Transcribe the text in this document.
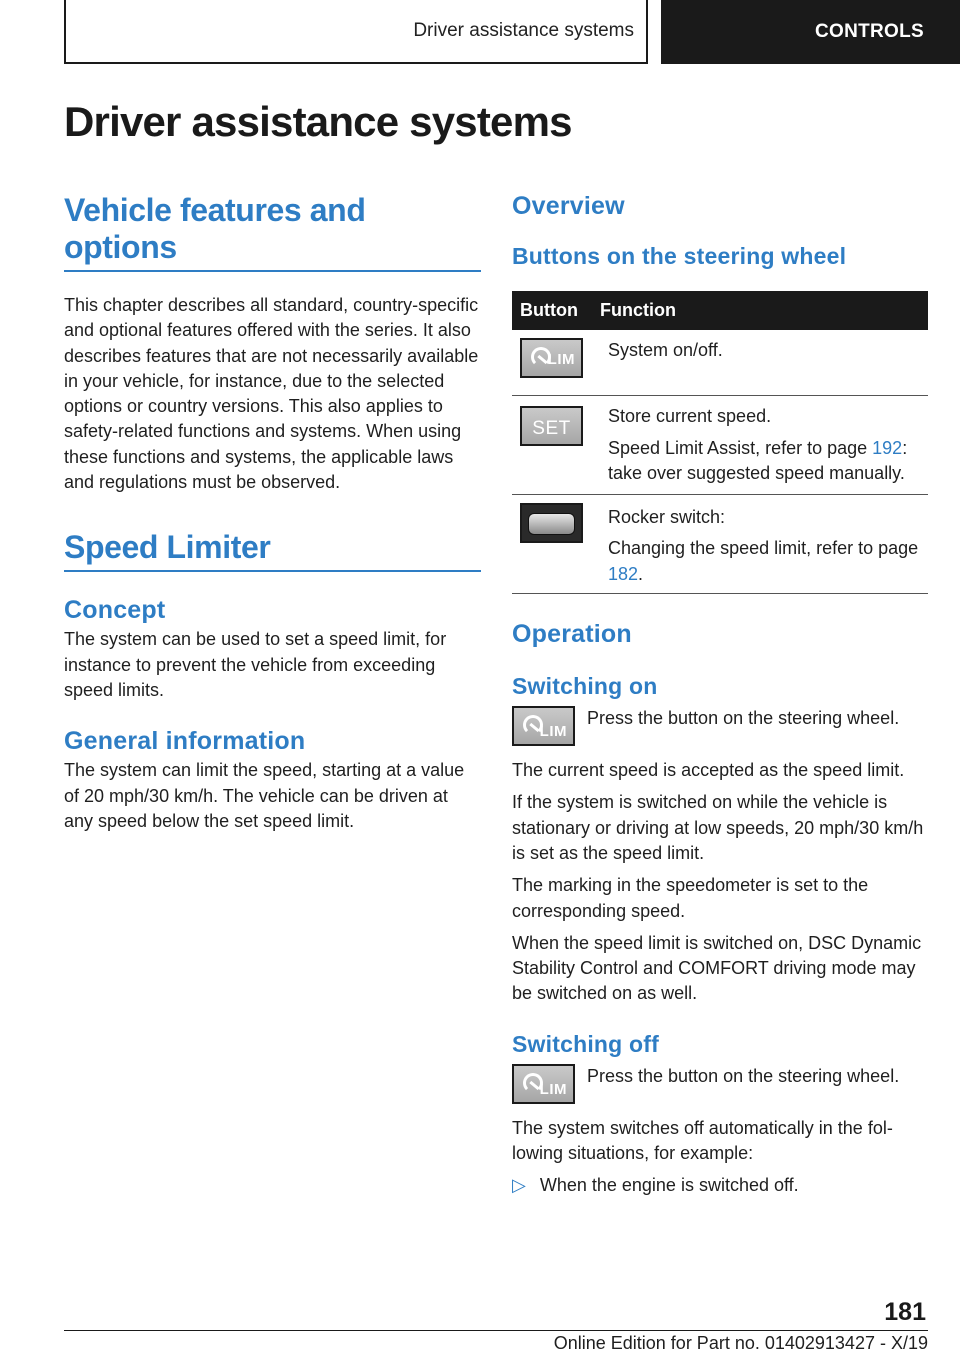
Driver assistance systems	CONTROLS
Driver assistance systems
Vehicle features and options

This chapter describes all standard, country-specific and optional features offered with the series. It also describes features that are not necessarily available in your vehicle, for instance, due to the selected options or country versions. This also applies to safety-related functions and systems. When using these functions and systems, the applicable laws and regulations must be observed.

Speed Limiter
Concept

The system can be used to set a speed limit, for instance to prevent the vehicle from exceeding speed limits.

General information

The system can limit the speed, starting at a value of 20 mph/30 km/h. The vehicle can be driven at any speed below the set speed limit.

Overview
Buttons on the steering wheel
Button	Function

LIM	System on/off.

SET	Store current speed.
Speed Limit Assist, refer to page 192: take over suggested speed manually.

	Rocker switch:
Changing the speed limit, refer to page 182.
Operation
Switching on
LIM
Press the button on the steering wheel.

The current speed is accepted as the speed limit.

If the system is switched on while the vehicle is stationary or driving at low speeds, 20 mph/30 km/h is set as the speed limit.

The marking in the speedometer is set to the corresponding speed.

When the speed limit is switched on, DSC Dynamic Stability Control and COMFORT driving mode may be switched on as well.

Switching off
LIM
Press the button on the steering wheel.

The system switches off automatically in the following situations, for example:

▷ When the engine is switched off.
181
Online Edition for Part no. 01402913427 - X/19
